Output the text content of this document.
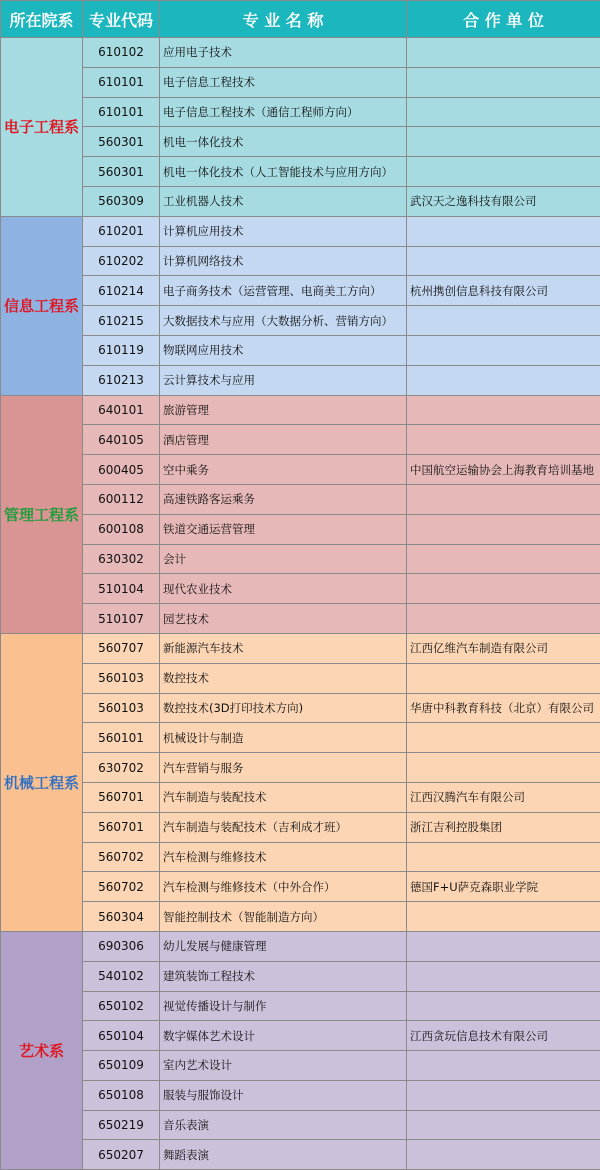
所在院系	专业代码	专 业 名 称	合 作 单 位
电子工程系	610102	应用电子技术	
	610101	电子信息工程技术	
	610101	电子信息工程技术（通信工程师方向）	
	560301	机电一体化技术	
	560301	机电一体化技术（人工智能技术与应用方向）	
	560309	工业机器人技术	武汉天之逸科技有限公司
信息工程系	610201	计算机应用技术	
	610202	计算机网络技术	
	610214	电子商务技术（运营管理、电商美工方向）	杭州携创信息科技有限公司
	610215	大数据技术与应用（大数据分析、营销方向）	
	610119	物联网应用技术	
	610213	云计算技术与应用	
管理工程系	640101	旅游管理	
	640105	酒店管理	
	600405	空中乘务	中国航空运输协会上海教育培训基地
	600112	高速铁路客运乘务	
	600108	铁道交通运营管理	
	630302	会计	
	510104	现代农业技术	
	510107	园艺技术	
机械工程系	560707	新能源汽车技术	江西亿维汽车制造有限公司
	560103	数控技术	
	560103	数控技术(3D打印技术方向)	华唐中科教育科技（北京）有限公司
	560101	机械设计与制造	
	630702	汽车营销与服务	
	560701	汽车制造与装配技术	江西汉腾汽车有限公司
	560701	汽车制造与装配技术（吉利成才班）	浙江吉利控股集团
	560702	汽车检测与维修技术	
	560702	汽车检测与维修技术（中外合作）	德国F+U萨克森职业学院
	560304	智能控制技术（智能制造方向）	
艺术系	690306	幼儿发展与健康管理	
	540102	建筑装饰工程技术	
	650102	视觉传播设计与制作	
	650104	数字媒体艺术设计	江西贪玩信息技术有限公司
	650109	室内艺术设计	
	650108	服装与服饰设计	
	650219	音乐表演	
	650207	舞蹈表演	
